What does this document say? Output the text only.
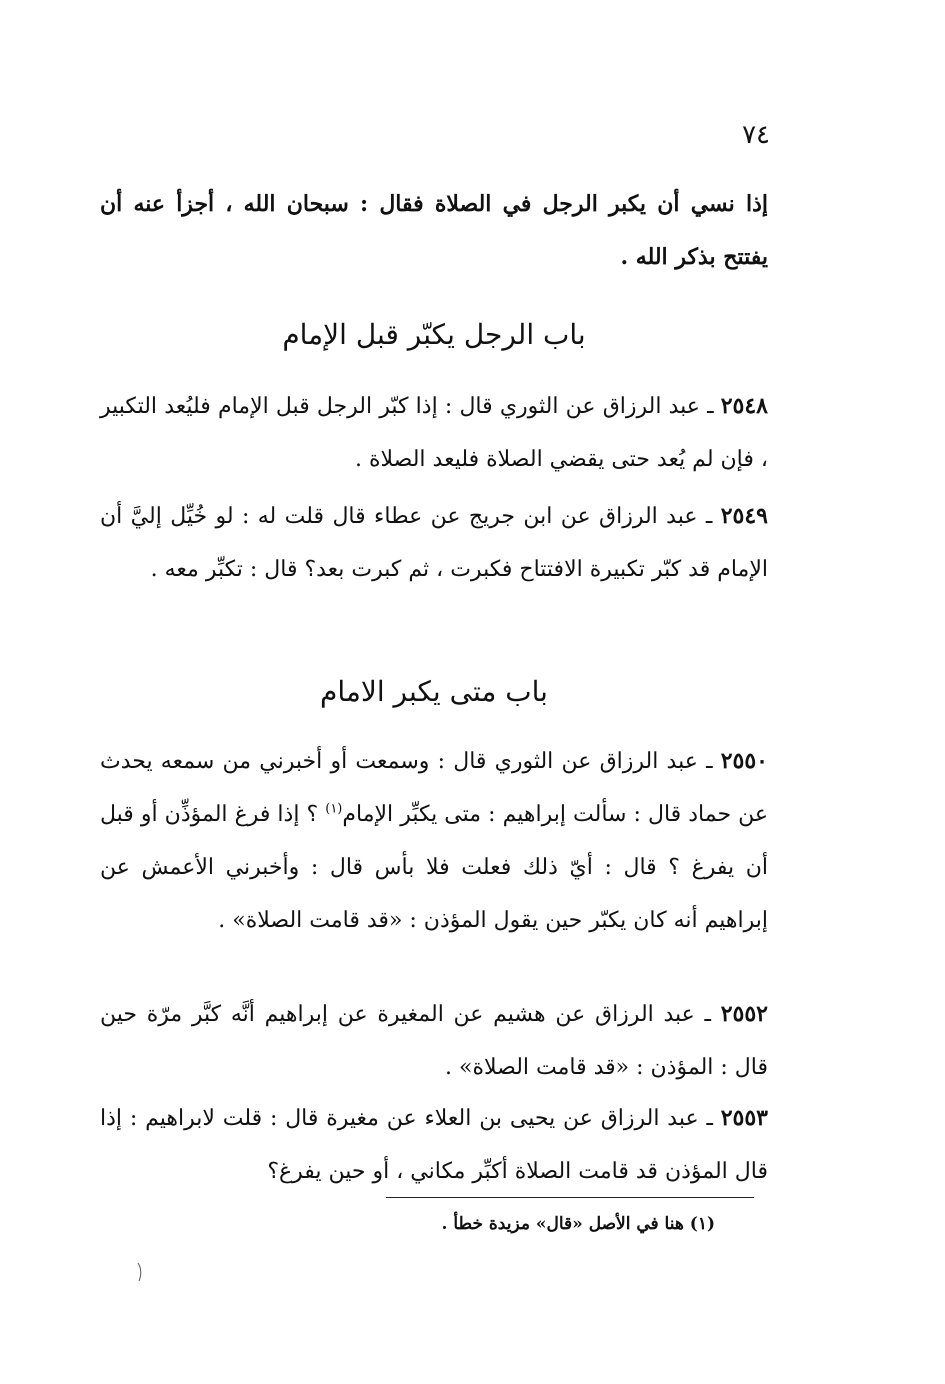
٧٤

إذا نسي أن يكبر الرجل في الصلاة فقال : سبحان الله ، أجزأ عنه أن يفتتح بذكر الله .

باب الرجل يكبّر قبل الإمام

٢٥٤٨ ـ عبد الرزاق عن الثوري قال : إذا كبّر الرجل قبل الإمام فليُعد التكبير ، فإن لم يُعد حتى يقضي الصلاة فليعد الصلاة .

٢٥٤٩ ـ عبد الرزاق عن ابن جريج عن عطاء قال قلت له : لو خُيِّل إليَّ أن الإمام قد كبّر تكبيرة الافتتاح فكبرت ، ثم كبرت بعد؟ قال : تكبِّر معه .

باب متى يكبر الامام

٢٥٥٠ ـ عبد الرزاق عن الثوري قال : وسمعت أو أخبرني من سمعه يحدث عن حماد قال : سألت إبراهيم : متى يكبِّر الإمام$^{(١)}$ ؟ إذا فرغ المؤذِّن أو قبل أن يفرغ ؟ قال : أيّ ذلك فعلت فلا بأس قال : وأخبرني الأعمش عن إبراهيم أنه كان يكبّر حين يقول المؤذن : «قد قامت الصلاة» .

٢٥٥٢ ـ عبد الرزاق عن هشيم عن المغيرة عن إبراهيم أنَّه كبَّر مرّة حين قال : المؤذن : «قد قامت الصلاة» .

٢٥٥٣ ـ عبد الرزاق عن يحيى بن العلاء عن مغيرة قال : قلت لابراهيم : إذا قال المؤذن قد قامت الصلاة أكبِّر مكاني ، أو حين يفرغ؟

(١) هنا في الأصل «قال» مزيدة خطأ .
